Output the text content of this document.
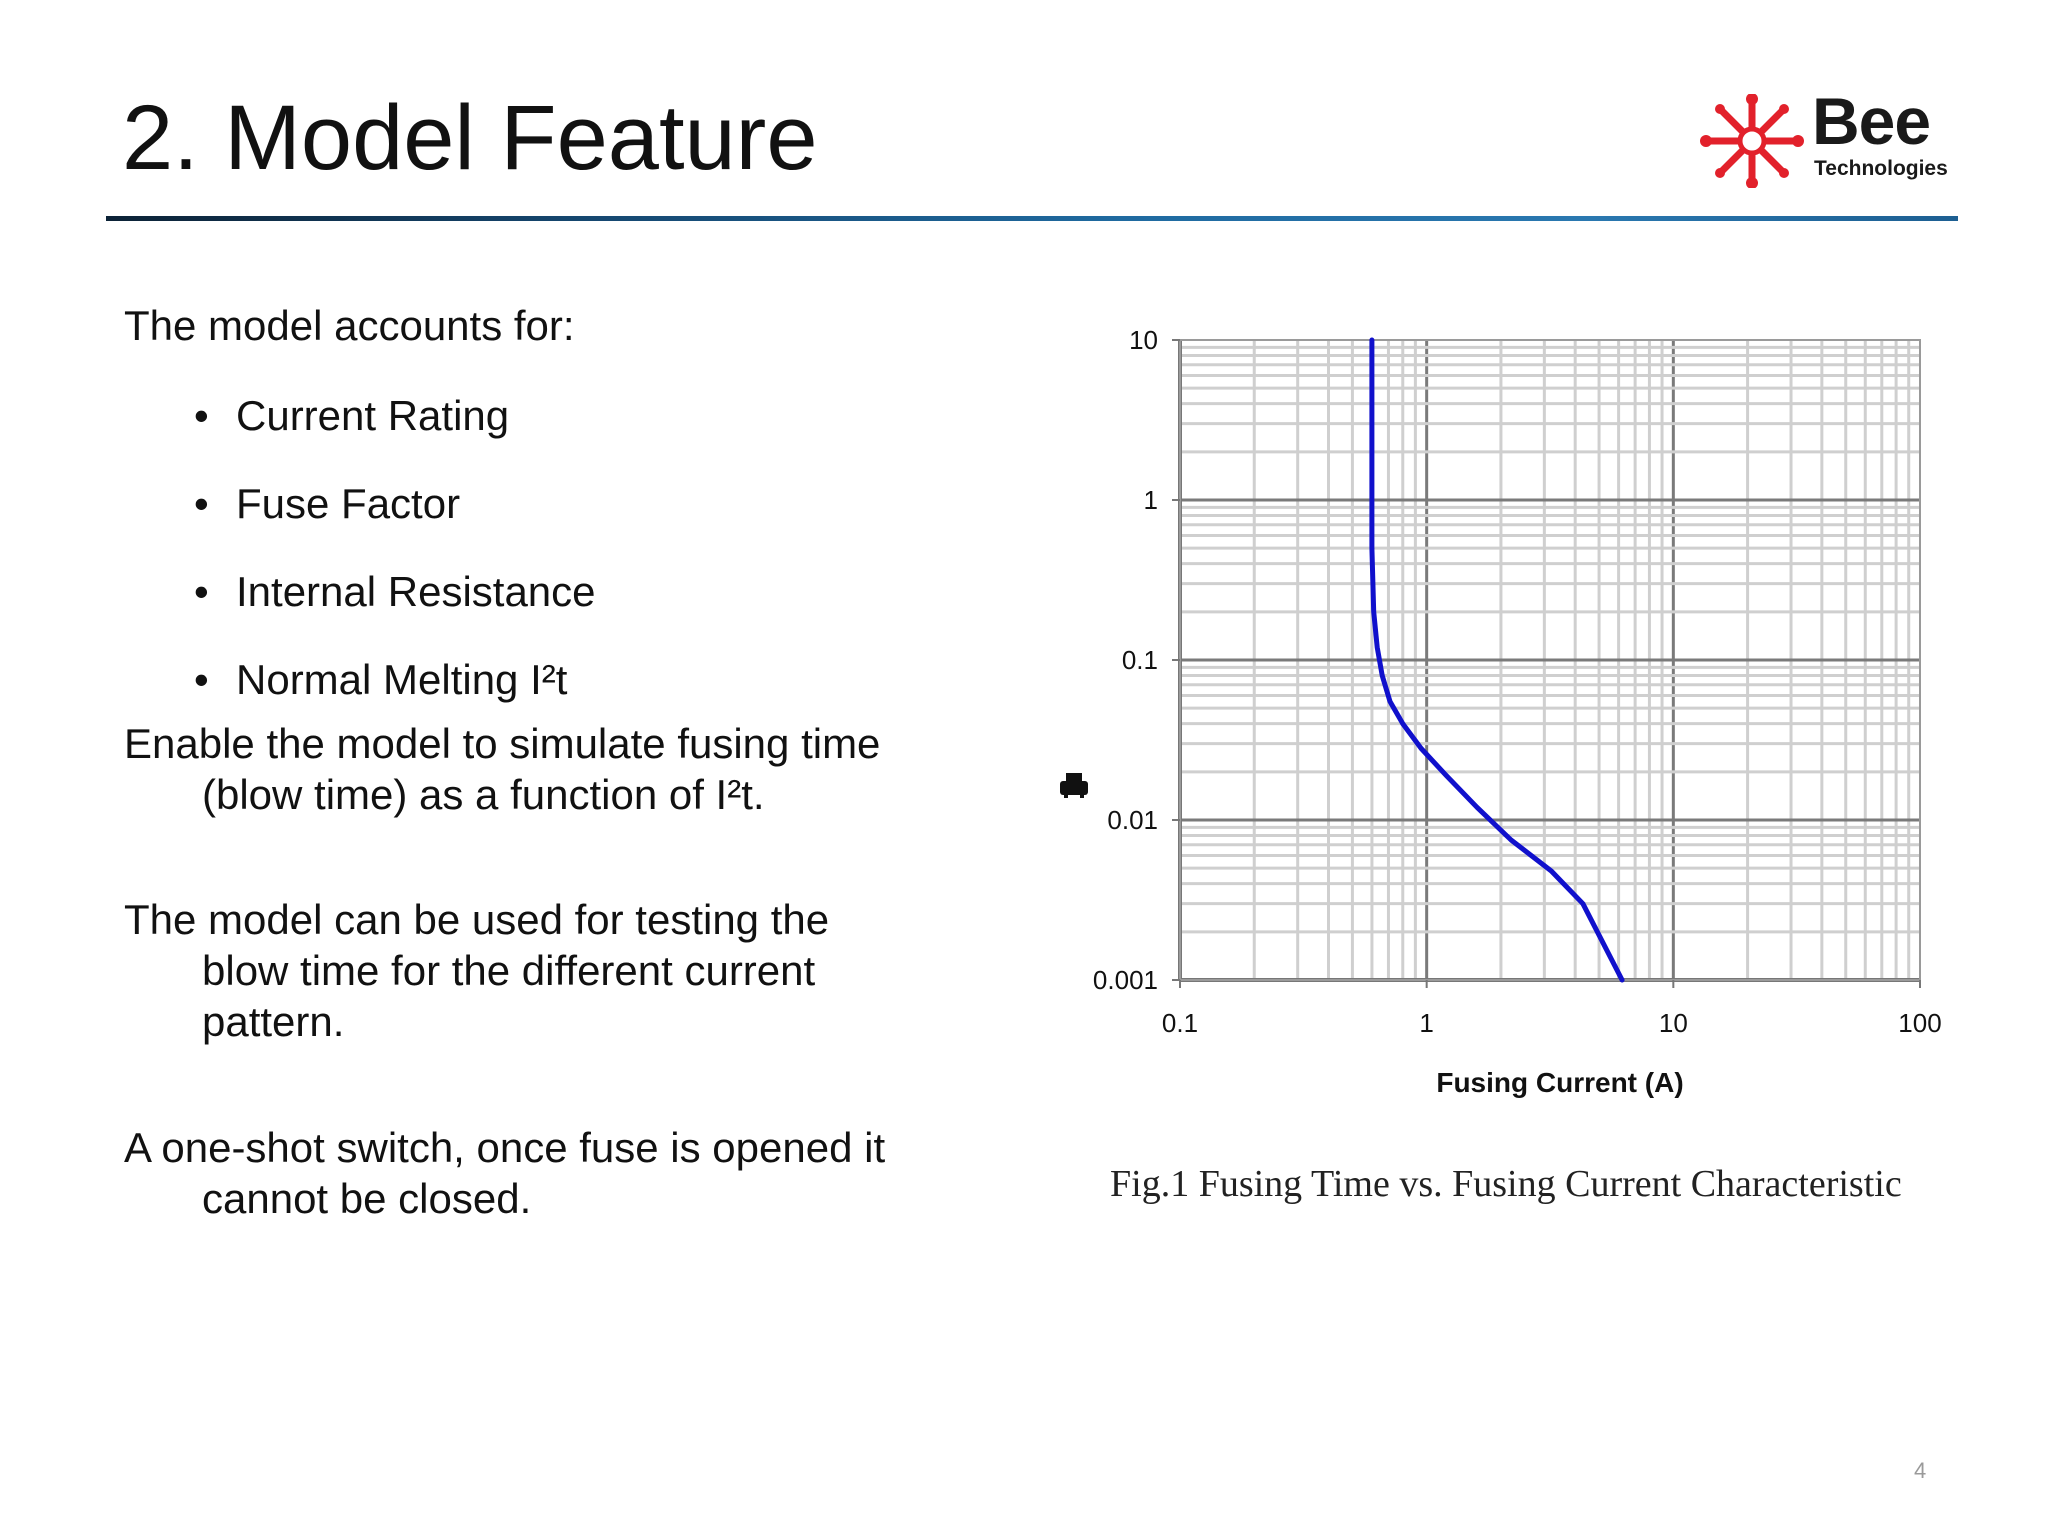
2. Model Feature	Bee
Technologies
The model accounts for:
• Current Rating
• Fuse Factor
• Internal Resistance
• Normal Melting I²t
Enable the model to simulate fusing time
(blow time) as a function of I²t.
The model can be used for testing the
blow time for the different current
pattern.
A one-shot switch, once fuse is opened it
cannot be closed.
0.1	1	10	100
0.001
0.01
0.1
1
10
Fusing Current (A)
Fig.1 Fusing Time vs. Fusing Current Characteristic
4
